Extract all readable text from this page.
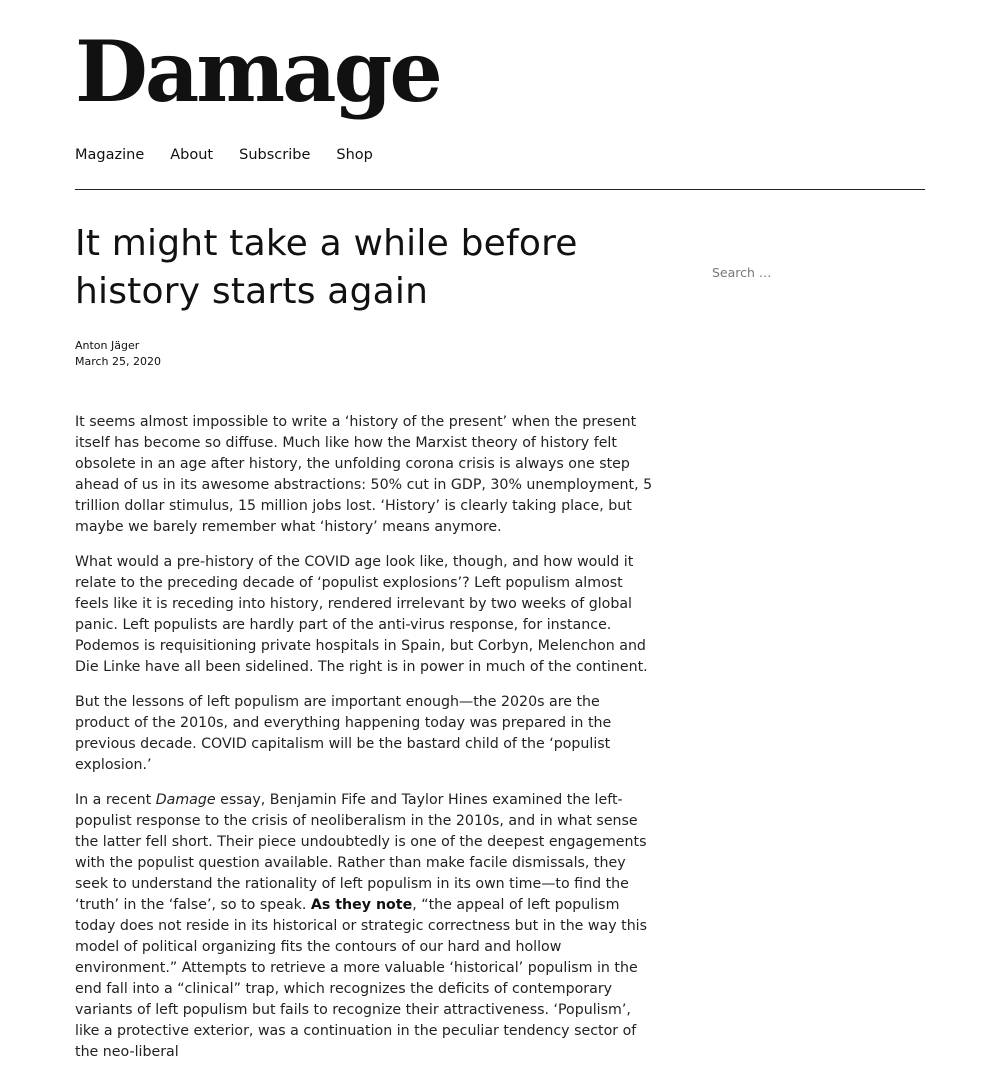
Damage
Magazine About Subscribe Shop
It might take a while before history starts again
Anton Jäger
March 25, 2020

It seems almost impossible to write a ‘history of the present’ when the present itself has become so diffuse. Much like how the Marxist theory of history felt obsolete in an age after history, the unfolding corona crisis is always one step ahead of us in its awesome abstractions: 50% cut in GDP, 30% unemployment, 5 trillion dollar stimulus, 15 million jobs lost. ‘History’ is clearly taking place, but maybe we barely remember what ‘history’ means anymore.

What would a pre-history of the COVID age look like, though, and how would it relate to the preceding decade of ‘populist explosions’? Left populism almost feels like it is receding into history, rendered irrelevant by two weeks of global panic. Left populists are hardly part of the anti-virus response, for instance. Podemos is requisitioning private hospitals in Spain, but Corbyn, Melenchon and Die Linke have all been sidelined. The right is in power in much of the continent.

But the lessons of left populism are important enough—the 2020s are the product of the 2010s, and everything happening today was prepared in the previous decade. COVID capitalism will be the bastard child of the ‘populist explosion.’

In a recent Damage essay, Benjamin Fife and Taylor Hines examined the left-populist response to the crisis of neoliberalism in the 2010s, and in what sense the latter fell short. Their piece undoubtedly is one of the deepest engagements with the populist question available. Rather than make facile dismissals, they seek to understand the rationality of left populism in its own time—to find the ‘truth’ in the ‘false’, so to speak. As they note, “the appeal of left populism today does not reside in its historical or strategic correctness but in the way this model of political organizing fits the contours of our hard and hollow environment.” Attempts to retrieve a more valuable ‘historical’ populism in the end fall into a “clinical” trap, which recognizes the deficits of contemporary variants of left populism but fails to recognize their attractiveness. ‘Populism’, like a protective exterior, was a continuation in the peculiar tendency sector of the neo-liberal

Search …
